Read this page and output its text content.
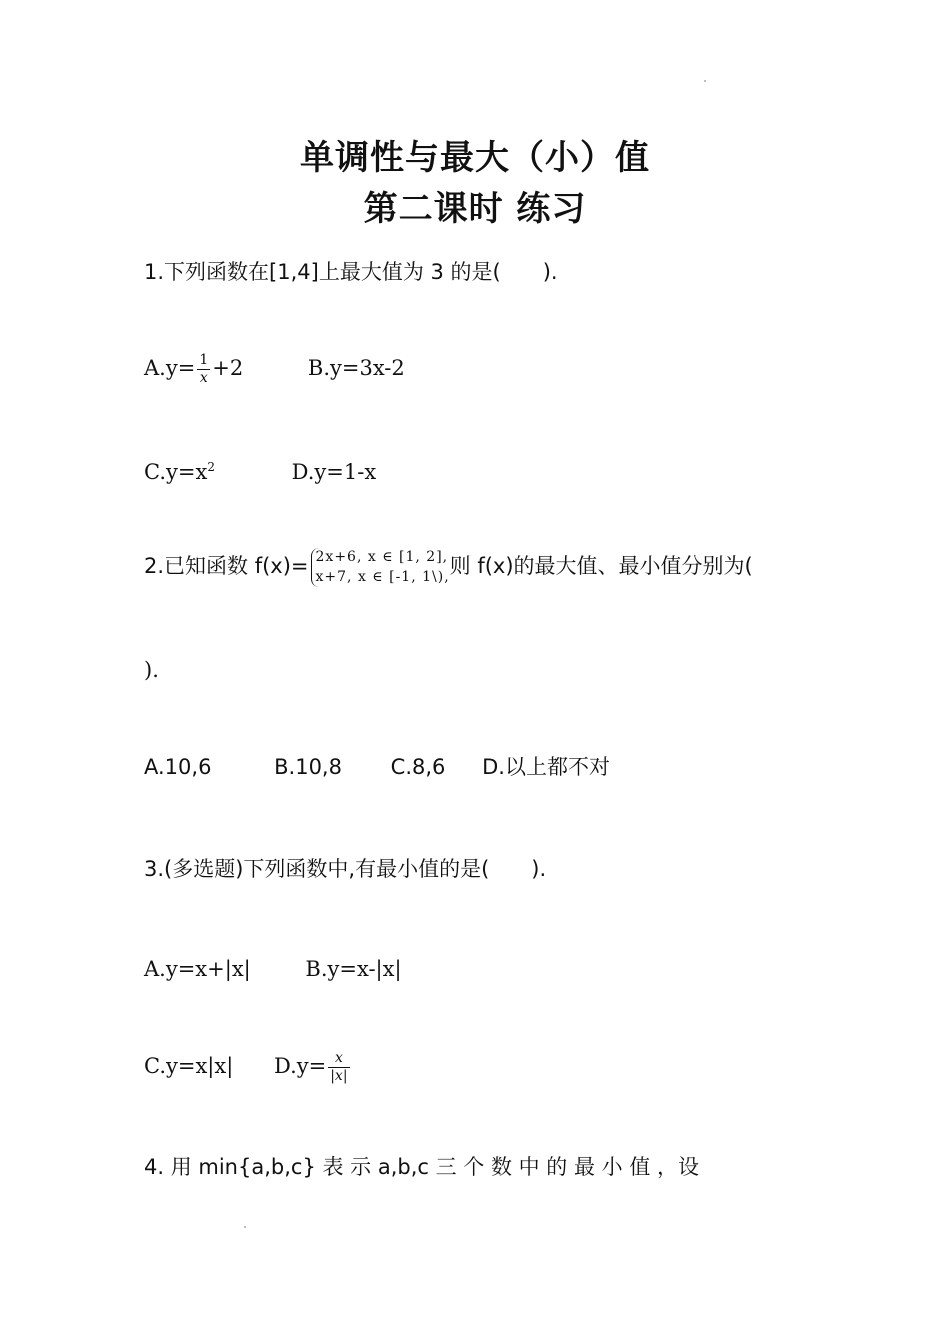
单调性与最大（小）值
第二课时 练习
1.下列函数在[1,4]上最大值为 3 的是(　　).
$A.y= \frac{1}{x} +2$	B.y=3x-2
$C.y=x^2$	D.y=1-x
2.已知函数 f(x)= 2x+6, x ∈ [1, 2],
x+7, x ∈ [-1, 1\), 则 f(x)的最大值、最小值分别为(
).
A.10,6	B.10,8 C.8,6 D.以上都不对
3.(多选题)下列函数中,有最小值的是(　　).
A.y=x+|x|	B.y=x-|x|
C.y=x|x| $D.y= \frac{x}{|x|}$
4. 用 min{a,b,c} 表 示 a,b,c 三 个 数 中 的 最 小 值 ，设
